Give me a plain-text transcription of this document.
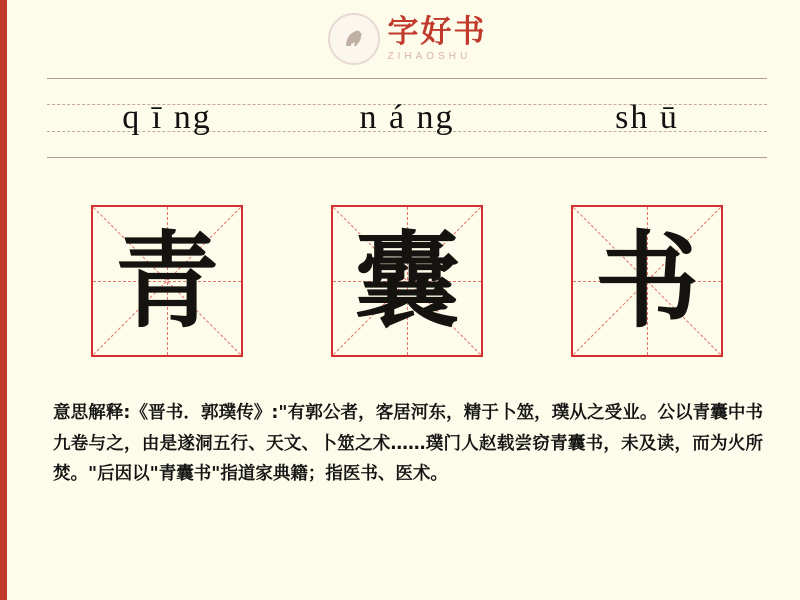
字好书
ZIHAOSHU
q ī ng	n á ng	sh ū
青 囊 书
意思解释:《晋书．郭璞传》:"有郭公者，客居河东，精于卜筮，璞从之受业。公以青囊中书九卷与之，由是遂洞五行、天文、卜筮之术……璞门人赵载尝窃青囊书，未及读，而为火所焚。"后因以"青囊书"指道家典籍；指医书、医术。
